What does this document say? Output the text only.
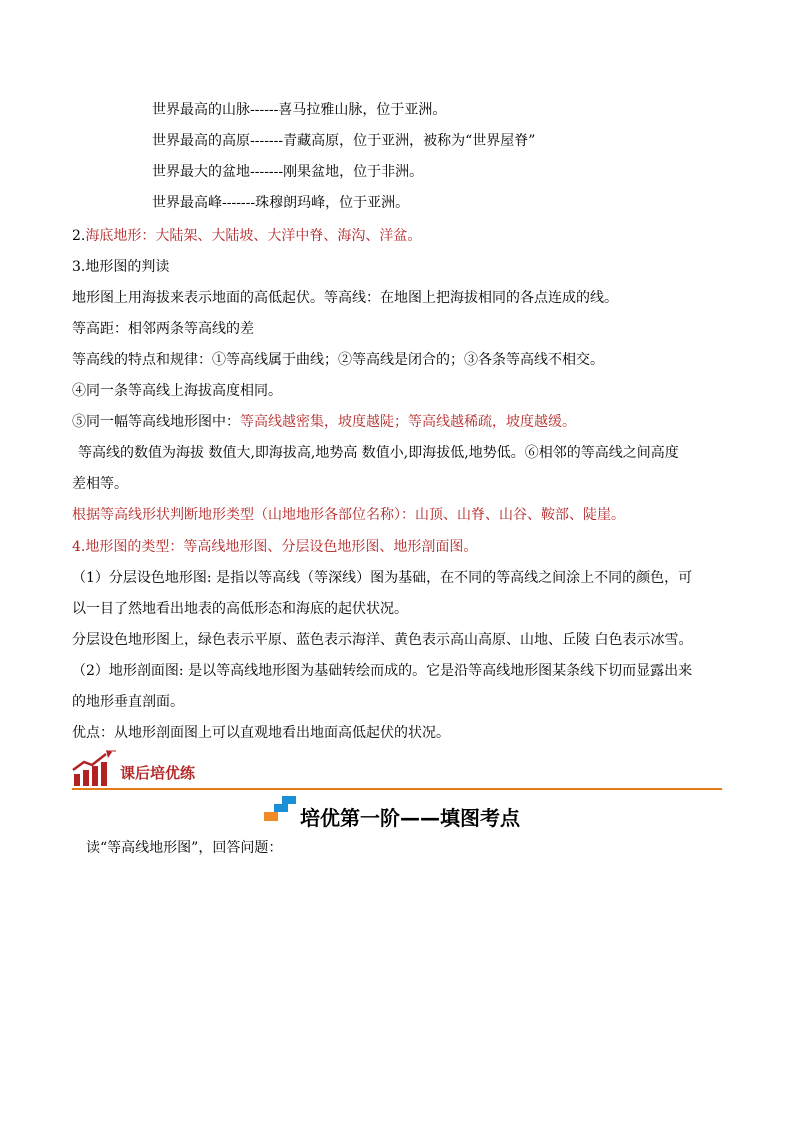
世界最高的山脉------喜马拉雅山脉，位于亚洲。
世界最高的高原-------青藏高原，位于亚洲，被称为“世界屋脊”
世界最大的盆地-------刚果盆地，位于非洲。
世界最高峰-------珠穆朗玛峰，位于亚洲。
2.海底地形：大陆架、大陆坡、大洋中脊、海沟、洋盆。
3.地形图的判读
地形图上用海拔来表示地面的高低起伏。等高线：在地图上把海拔相同的各点连成的线。
等高距：相邻两条等高线的差
等高线的特点和规律：①等高线属于曲线；②等高线是闭合的；③各条等高线不相交。
④同一条等高线上海拔高度相同。
⑤同一幅等高线地形图中：等高线越密集，坡度越陡；等高线越稀疏，坡度越缓。
等高线的数值为海拔 数值大,即海拔高,地势高 数值小,即海拔低,地势低。⑥相邻的等高线之间高度
差相等。
根据等高线形状判断地形类型（山地地形各部位名称）：山顶、山脊、山谷、鞍部、陡崖。
4.地形图的类型：等高线地形图、分层设色地形图、地形剖面图。
（1）分层设色地形图: 是指以等高线（等深线）图为基础，在不同的等高线之间涂上不同的颜色，可
以一目了然地看出地表的高低形态和海底的起伏状况。
分层设色地形图上，绿色表示平原、蓝色表示海洋、黄色表示高山高原、山地、丘陵 白色表示冰雪。
（2）地形剖面图: 是以等高线地形图为基础转绘而成的。它是沿等高线地形图某条线下切而显露出来
的地形垂直剖面。
优点：从地形剖面图上可以直观地看出地面高低起伏的状况。
课后培优练
培优第一阶——填图考点
读“等高线地形图”，回答问题：
